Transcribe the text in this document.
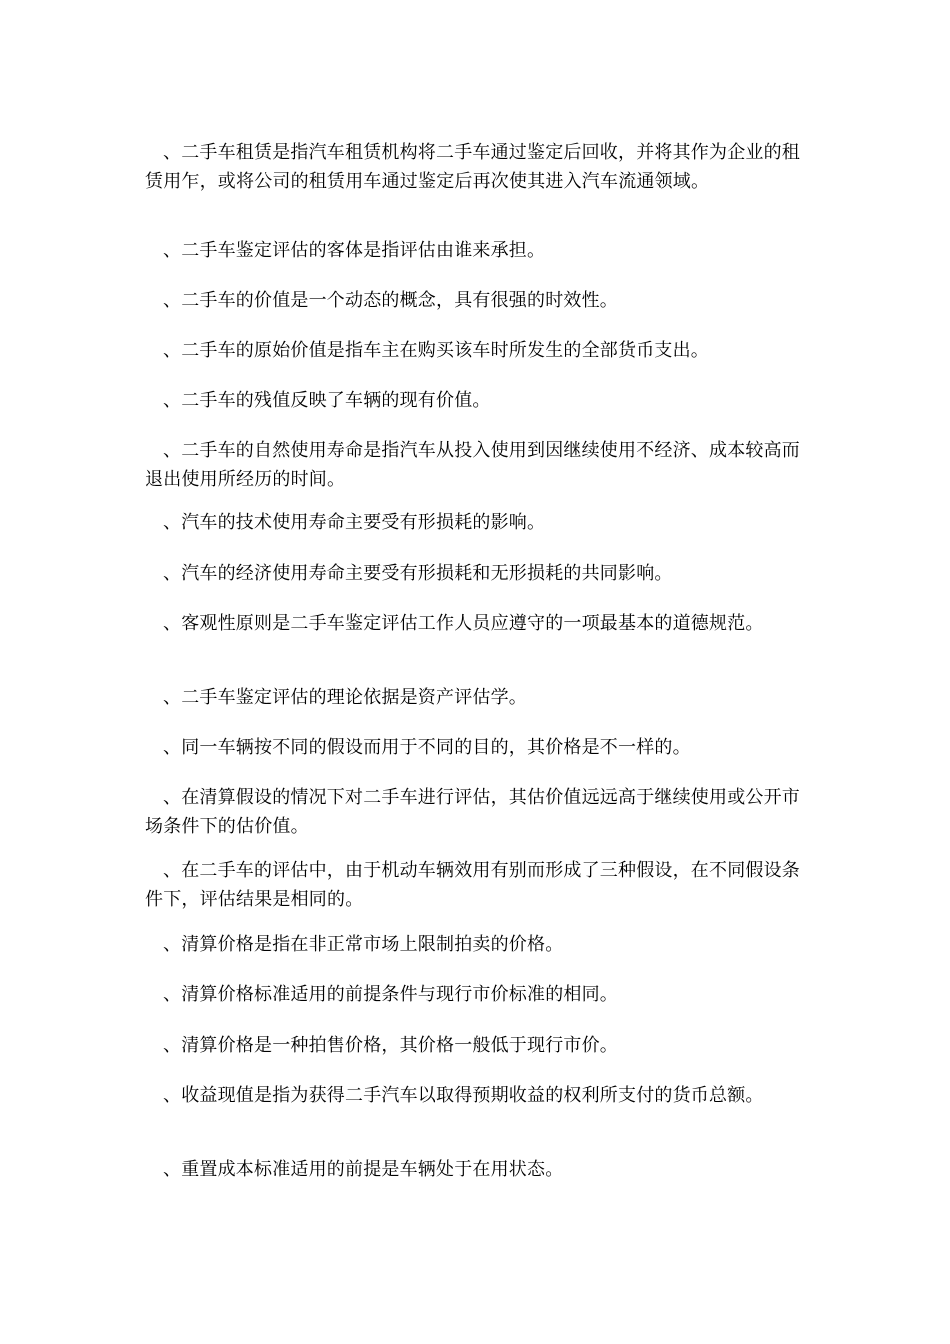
、二手车租赁是指汽车租赁机构将二手车通过鉴定后回收，并将其作为企业的租赁用乍，或将公司的租赁用车通过鉴定后再次使其进入汽车流通领域。

、二手车鉴定评估的客体是指评估由谁来承担。

、二手车的价值是一个动态的概念，具有很强的时效性。

、二手车的原始价值是指车主在购买该车时所发生的全部货币支出。

、二手车的残值反映了车辆的现有价值。

、二手车的自然使用寿命是指汽车从投入使用到因继续使用不经济、成本较高而退出使用所经历的时间。

、汽车的技术使用寿命主要受有形损耗的影响。

、汽车的经济使用寿命主要受有形损耗和无形损耗的共同影响。

、客观性原则是二手车鉴定评估工作人员应遵守的一项最基本的道德规范。

、二手车鉴定评估的理论依据是资产评估学。

、同一车辆按不同的假设而用于不同的目的，其价格是不一样的。

、在清算假设的情况下对二手车进行评估，其估价值远远高于继续使用或公开市场条件下的估价值。

、在二手车的评估中，由于机动车辆效用有别而形成了三种假设，在不同假设条件下，评估结果是相同的。

、清算价格是指在非正常市场上限制拍卖的价格。

、清算价格标准适用的前提条件与现行市价标准的相同。

、清算价格是一种拍售价格，其价格一般低于现行市价。

、收益现值是指为获得二手汽车以取得预期收益的权利所支付的货币总额。

、重置成本标准适用的前提是车辆处于在用状态。
